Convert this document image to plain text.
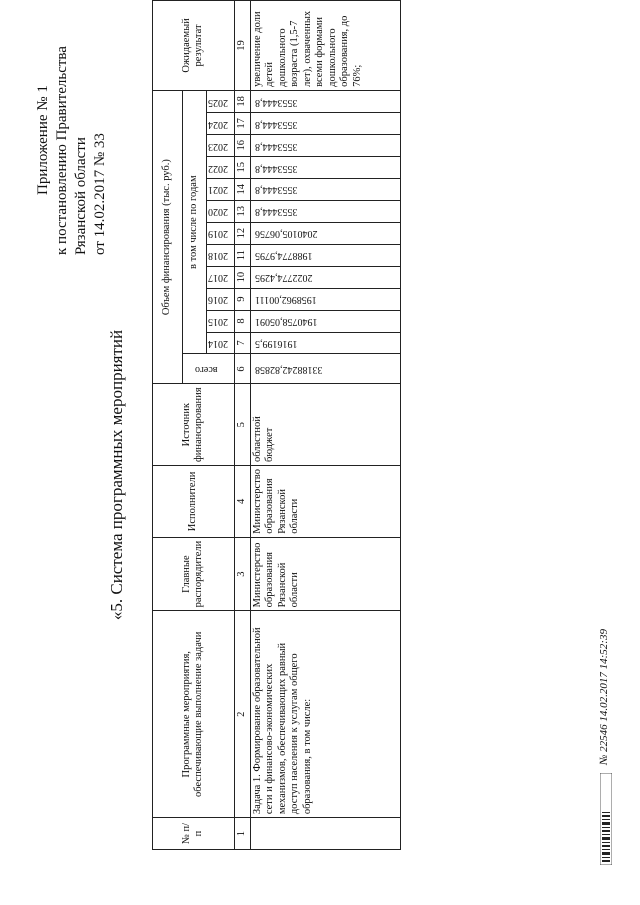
Приложение № 1 к постановлению Правительства Рязанской области от 14.02.2017 № 33
«5. Система программных мероприятий
№ п/п	Программные мероприятия, обеспечивающие выполнение задачи	Главные распорядители	Исполнители	Источник финансирования	Объем финансирования (тыс. руб.)													Ожидаемый результат
					всего	в том числе по годам												
						2014	2015	2016	2017	2018	2019	2020	2021	2022	2023	2024	2025	
1	2	3	4	5	6	7	8	9	10	11	12	13	14	15	16	17	18	19
	Задача 1. Формирование образовательной сети и финансово-экономических механизмов, обеспечивающих равный доступ населения к услугам общего образования, в том числе:	Министерство образования Рязанской области	Министерство образования Рязанской области	областной бюджет	33188242,82858	1916199,5	1940758,05091	1958962,00111	2022774,4295	1988774,9795	2040105,06756	3553444,8	3553444,8	3553444,8	3553444,8	3553444,8	3553444,8	увеличение доли детей дошкольного возраста (1,5-7 лет), охваченных всеми формами дошкольного образования, до 76%;
№ 22546 14.02.2017 14:52:39
